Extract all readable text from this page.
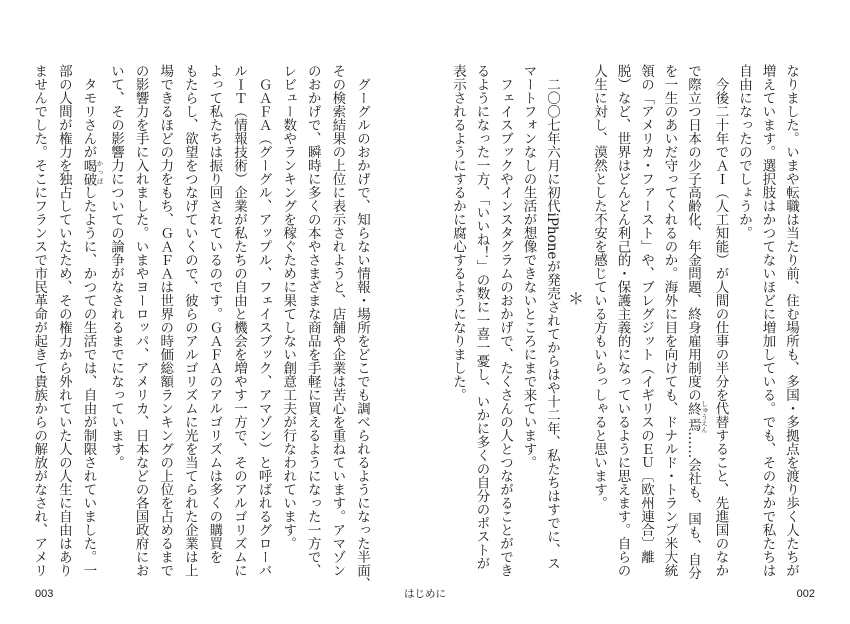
なりました。いまや転職は当たり前、住む場所も、多国・多拠点を渡り歩く人たちが
増えています。選択肢はかつてないほどに増加している。でも、そのなかで私たちは
自由になったのでしょうか。
　今後二十年でＡＩ（人工知能）が人間の仕事の半分を代替すること、先進国のなか
で際立つ日本の少子高齢化、年金問題、終身雇用制度の終焉 しゅうえん……会社も、国も、自分
を一生のあいだ守ってくれるのか。海外に目を向けても、ドナルド・トランプ米大統
領の「アメリカ・ファースト」や、ブレグジット（イギリスのＥＵ〔欧州連合〕離
脱）など、世界はどんどん利己的・保護主義的になっているように思えます。自らの
人生に対し、漠然とした不安を感じている方もいらっしゃると思います。
＊
　二〇〇七年六月に初代iPhoneが発売されてからはや十二年、私たちはすでに、ス
マートフォンなしの生活が想像できないところにまで来ています。
　フェイスブックやインスタグラムのおかげで、たくさんの人とつながることができ
るようになった一方、「いいね！」の数に一喜一憂し、いかに多くの自分のポストが
表示されるようにするかに腐心するようになりました。
　グーグルのおかげで、知らない情報・場所をどこでも調べられるようになった半面、
その検索結果の上位に表示されようと、店舗や企業は苦心を重ねています。アマゾン
のおかげで、瞬時に多くの本やさまざまな商品を手軽に買えるようになった一方で、
レビュー数やランキングを稼ぐために果てしない創意工夫が行なわれています。
　ＧＡＦＡ（グーグル、アップル、フェイスブック、アマゾン）と呼ばれるグローバ
ルＩＴ（情報技術）企業が私たちの自由と機会を増やす一方で、そのアルゴリズムに
よって私たちは振り回されているのです。ＧＡＦＡのアルゴリズムは多くの購買を
もたらし、欲望をつなげていくので、彼らのアルゴリズムに光を当てられた企業は上
場できるほどの力をもち、ＧＡＦＡは世界の時価総額ランキングの上位を占めるまで
の影響力を手に入れました。いまやヨーロッパ、アメリカ、日本などの各国政府にお
いて、その影響力についての論争がなされるまでになっています。
　タモリさんが喝破 かっぱしたように、かつての生活では、自由が制限されていました。一
部の人間が権力を独占していたため、その権力から外れていた人の人生に自由はあり
ませんでした。そこにフランスで市民革命が起きて貴族からの解放がなされ、アメリ
003	はじめに	002
